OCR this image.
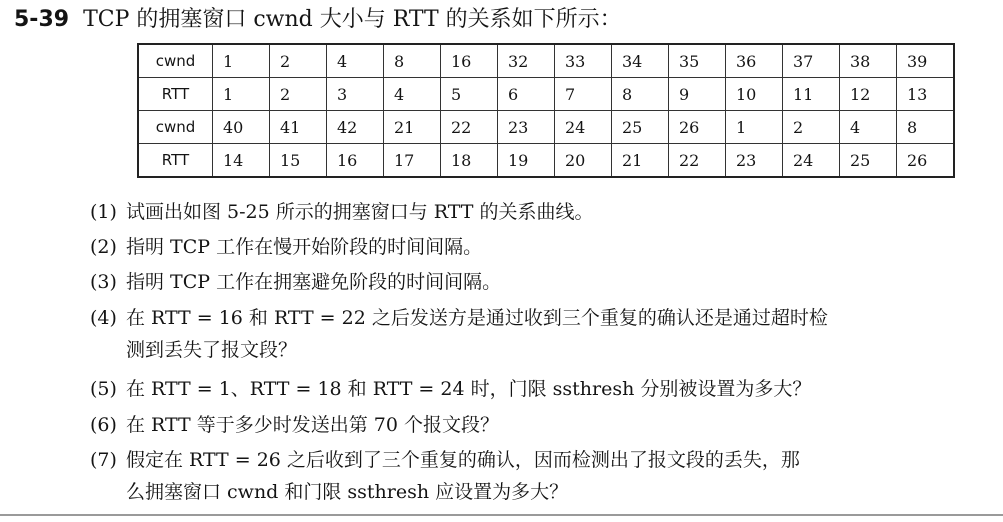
5-39 TCP 的拥塞窗口 cwnd 大小与 RTT 的关系如下所示：
cwnd	1	2	4	8	16	32	33	34	35	36	37	38	39
RTT	1	2	3	4	5	6	7	8	9	10	11	12	13
cwnd	40	41	42	21	22	23	24	25	26	1	2	4	8
RTT	14	15	16	17	18	19	20	21	22	23	24	25	26
(1) 试画出如图 5-25 所示的拥塞窗口与 RTT 的关系曲线。
(2) 指明 TCP 工作在慢开始阶段的时间间隔。
(3) 指明 TCP 工作在拥塞避免阶段的时间间隔。
(4) 在 RTT = 16 和 RTT = 22 之后发送方是通过收到三个重复的确认还是通过超时检
测到丢失了报文段？
(5) 在 RTT = 1、RTT = 18 和 RTT = 24 时，门限 ssthresh 分别被设置为多大？
(6) 在 RTT 等于多少时发送出第 70 个报文段？
(7) 假定在 RTT = 26 之后收到了三个重复的确认，因而检测出了报文段的丢失，那
么拥塞窗口 cwnd 和门限 ssthresh 应设置为多大？
